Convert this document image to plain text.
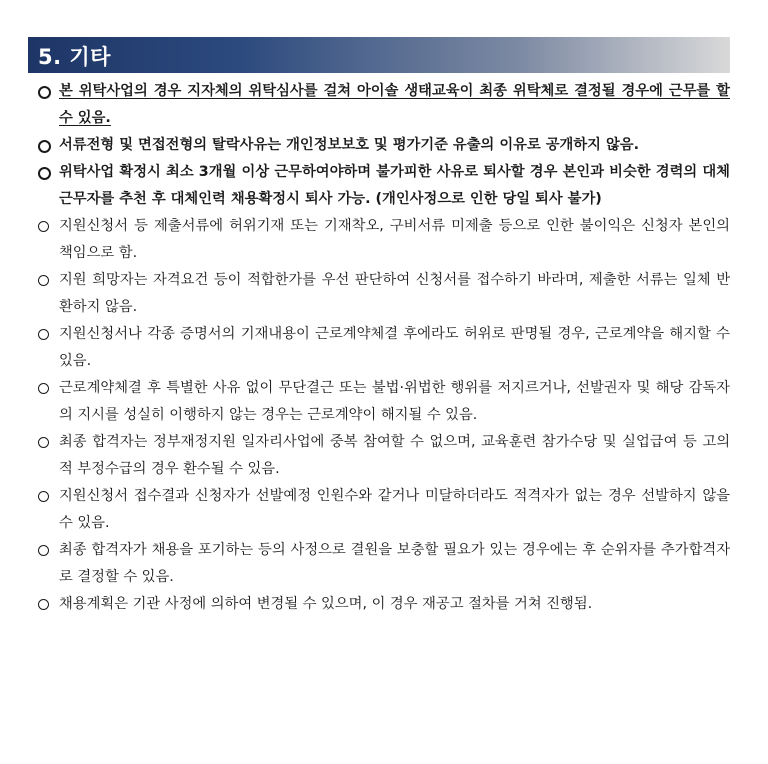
5. 기타
본 위탁사업의 경우 지자체의 위탁심사를 걸쳐 아이솔 생태교육이 최종 위탁체로 결정될 경우에 근무를 할 수 있음.
서류전형 및 면접전형의 탈락사유는 개인정보보호 및 평가기준 유출의 이유로 공개하지 않음.
위탁사업 확정시 최소 3개월 이상 근무하여야하며 불가피한 사유로 퇴사할 경우 본인과 비슷한 경력의 대체 근무자를 추천 후 대체인력 채용확정시 퇴사 가능. (개인사정으로 인한 당일 퇴사 불가)
지원신청서 등 제출서류에 허위기재 또는 기재착오, 구비서류 미제출 등으로 인한 불이익은 신청자 본인의 책임으로 함.
지원 희망자는 자격요건 등이 적합한가를 우선 판단하여 신청서를 접수하기 바라며, 제출한 서류는 일체 반환하지 않음.
지원신청서나 각종 증명서의 기재내용이 근로계약체결 후에라도 허위로 판명될 경우, 근로계약을 해지할 수 있음.
근로계약체결 후 특별한 사유 없이 무단결근 또는 불법·위법한 행위를 저지르거나, 선발권자 및 해당 감독자의 지시를 성실히 이행하지 않는 경우는 근로계약이 해지될 수 있음.
최종 합격자는 정부재정지원 일자리사업에 중복 참여할 수 없으며, 교육훈련 참가수당 및 실업급여 등 고의적 부정수급의 경우 환수될 수 있음.
지원신청서 접수결과 신청자가 선발예정 인원수와 같거나 미달하더라도 적격자가 없는 경우 선발하지 않을 수 있음.
최종 합격자가 채용을 포기하는 등의 사정으로 결원을 보충할 필요가 있는 경우에는 후 순위자를 추가합격자로 결정할 수 있음.
채용계획은 기관 사정에 의하여 변경될 수 있으며, 이 경우 재공고 절차를 거쳐 진행됨.
